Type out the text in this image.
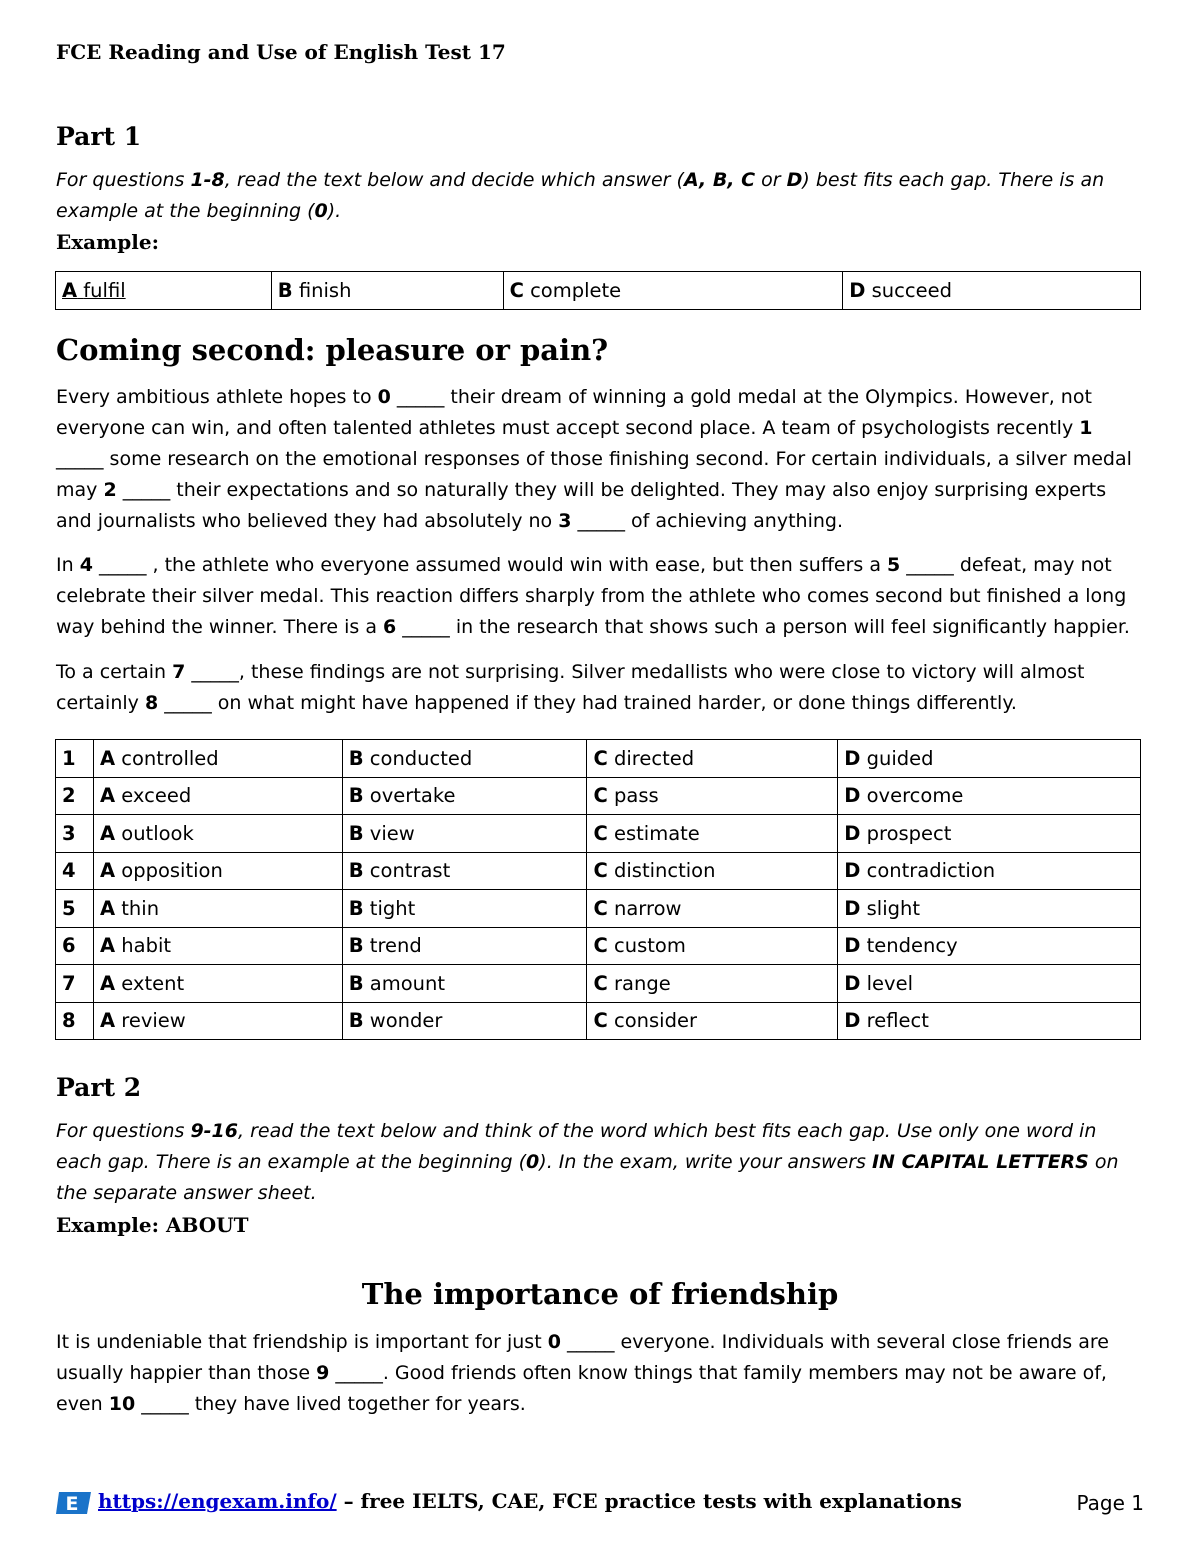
FCE Reading and Use of English Test 17
Part 1

For questions 1-8, read the text below and decide which answer (A, B, C or D) best fits each gap. There is an example at the beginning (0).

Example:
A fulfil	B finish	C complete	D succeed
Coming second: pleasure or pain?

Every ambitious athlete hopes to 0 _____ their dream of winning a gold medal at the Olympics. However, not everyone can win, and often talented athletes must accept second place. A team of psychologists recently 1 _____ some research on the emotional responses of those finishing second. For certain individuals, a silver medal may 2 _____ their expectations and so naturally they will be delighted. They may also enjoy surprising experts and journalists who believed they had absolutely no 3 _____ of achieving anything.

In 4 _____ , the athlete who everyone assumed would win with ease, but then suffers a 5 _____ defeat, may not celebrate their silver medal. This reaction differs sharply from the athlete who comes second but finished a long way behind the winner. There is a 6 _____ in the research that shows such a person will feel significantly happier.

To a certain 7 _____, these findings are not surprising. Silver medallists who were close to victory will almost certainly 8 _____ on what might have happened if they had trained harder, or done things differently.

1	A controlled	B conducted	C directed	D guided
2	A exceed	B overtake	C pass	D overcome
3	A outlook	B view	C estimate	D prospect
4	A opposition	B contrast	C distinction	D contradiction
5	A thin	B tight	C narrow	D slight
6	A habit	B trend	C custom	D tendency
7	A extent	B amount	C range	D level
8	A review	B wonder	C consider	D reflect
Part 2

For questions 9-16, read the text below and think of the word which best fits each gap. Use only one word in each gap. There is an example at the beginning (0). In the exam, write your answers IN CAPITAL LETTERS on the separate answer sheet.

Example: ABOUT
The importance of friendship

It is undeniable that friendship is important for just 0 _____ everyone. Individuals with several close friends are usually happier than those 9 _____. Good friends often know things that family members may not be aware of, even 10 _____ they have lived together for years.

E https://engexam.info/ – free IELTS, CAE, FCE practice tests with explanations	Page 1
